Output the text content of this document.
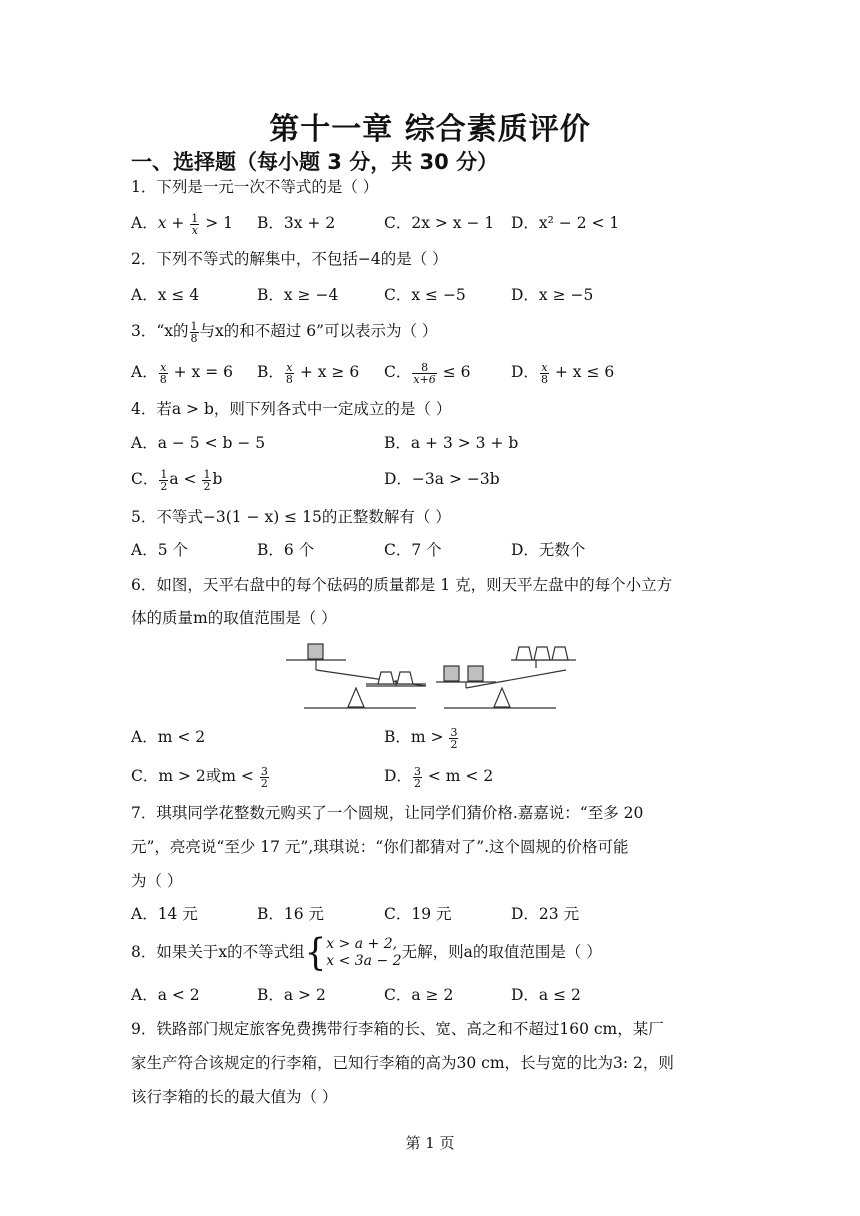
第十一章 综合素质评价
一、选择题（每小题 3 分，共 30 分）
1．下列是一元一次不等式的是（ ）
A．$x + \frac{1}{x} > 1$ B．3x + 2	C．2x > x − 1 D．x² − 2 < 1
2．下列不等式的解集中，不包括−4的是（ ）
A．x ≤ 4	B．x ≥ −4	C．x ≤ −5	D．x ≥ −5
3．“x的 $\frac{1}{8}$ 与x的和不超过 6”可以表示为（ ）
A． $\frac{x}{8} + x = 6$ B． $\frac{x}{8} + x \ge 6$ C． $\frac{8}{x+6} \le 6$	D． $\frac{x}{8} + x \le 6$
4．若a > b，则下列各式中一定成立的是（ ）
A．a − 5 < b − 5	B．a + 3 > 3 + b
C． $\frac{1}{2}$ $a < \frac{1}{2}$ b	D．−3a > −3b
5．不等式−3(1 − x) ≤ 15的正整数解有（ ）
A．5 个	B．6 个	C．7 个	D．无数个
6．如图，天平右盘中的每个砝码的质量都是 1 克，则天平左盘中的每个小立方
体的质量m的取值范围是（ ）
A．m < 2	B．$m > \frac{3}{2}$
C．m > 2或$m < \frac{3}{2}$	D． $\frac{3}{2} < m < 2$
7．琪琪同学花整数元购买了一个圆规，让同学们猜价格.嘉嘉说：“至多 20
元”，亮亮说“至少 17 元”,琪琪说：“你们都猜对了”.这个圆规的价格可能
为（ ）
A．14 元	B．16 元	C．19 元	D．23 元
8．如果关于x的不等式组{ x > a + 2,
x < 3a − 2 无解，则a的取值范围是（ ）
A．a < 2	B．a > 2	C．a ≥ 2	D．a ≤ 2
9．铁路部门规定旅客免费携带行李箱的长、宽、高之和不超过160 cm，某厂
家生产符合该规定的行李箱，已知行李箱的高为30 cm，长与宽的比为3: 2，则
该行李箱的长的最大值为（ ）
第 1 页
